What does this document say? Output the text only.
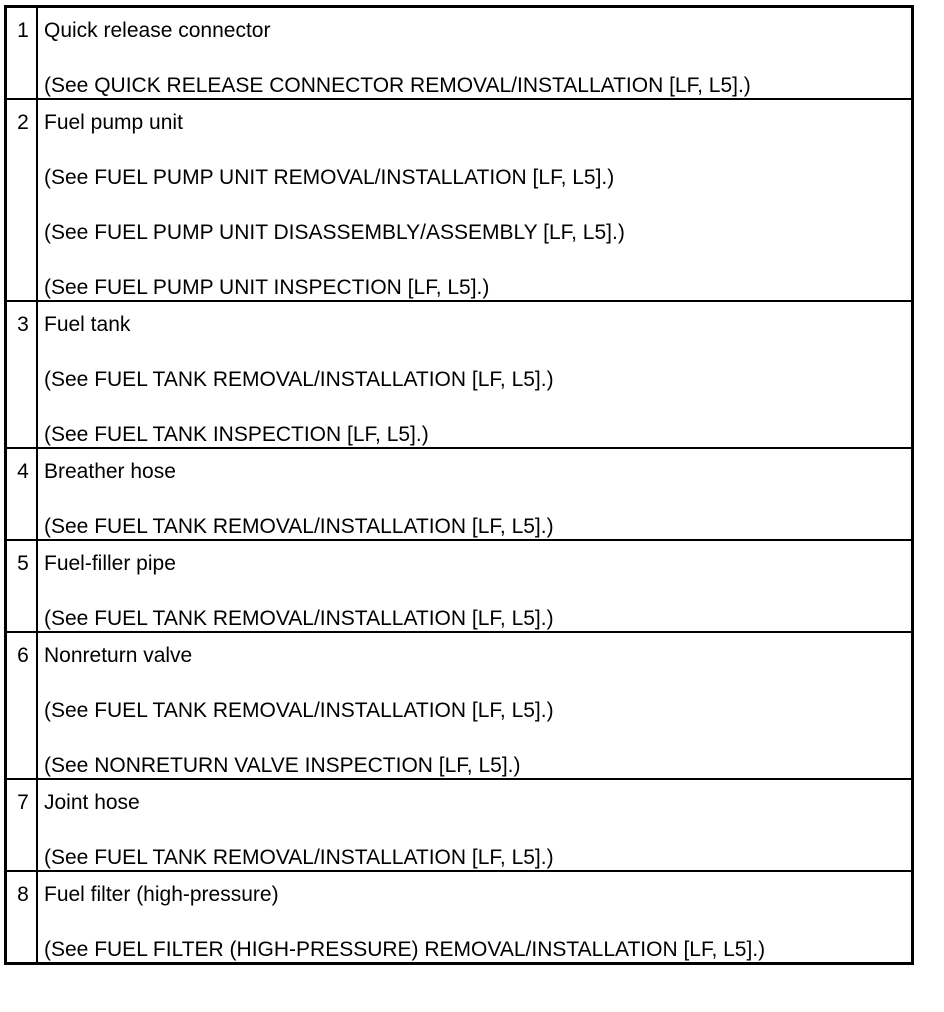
1	Quick release connector
(See QUICK RELEASE CONNECTOR REMOVAL/INSTALLATION [LF, L5].)

2	Fuel pump unit
(See FUEL PUMP UNIT REMOVAL/INSTALLATION [LF, L5].)
(See FUEL PUMP UNIT DISASSEMBLY/ASSEMBLY [LF, L5].)
(See FUEL PUMP UNIT INSPECTION [LF, L5].)

3	Fuel tank
(See FUEL TANK REMOVAL/INSTALLATION [LF, L5].)
(See FUEL TANK INSPECTION [LF, L5].)

4	Breather hose
(See FUEL TANK REMOVAL/INSTALLATION [LF, L5].)

5	Fuel-filler pipe
(See FUEL TANK REMOVAL/INSTALLATION [LF, L5].)

6	Nonreturn valve
(See FUEL TANK REMOVAL/INSTALLATION [LF, L5].)
(See NONRETURN VALVE INSPECTION [LF, L5].)

7	Joint hose
(See FUEL TANK REMOVAL/INSTALLATION [LF, L5].)

8	Fuel filter (high-pressure)
(See FUEL FILTER (HIGH-PRESSURE) REMOVAL/INSTALLATION [LF, L5].)
